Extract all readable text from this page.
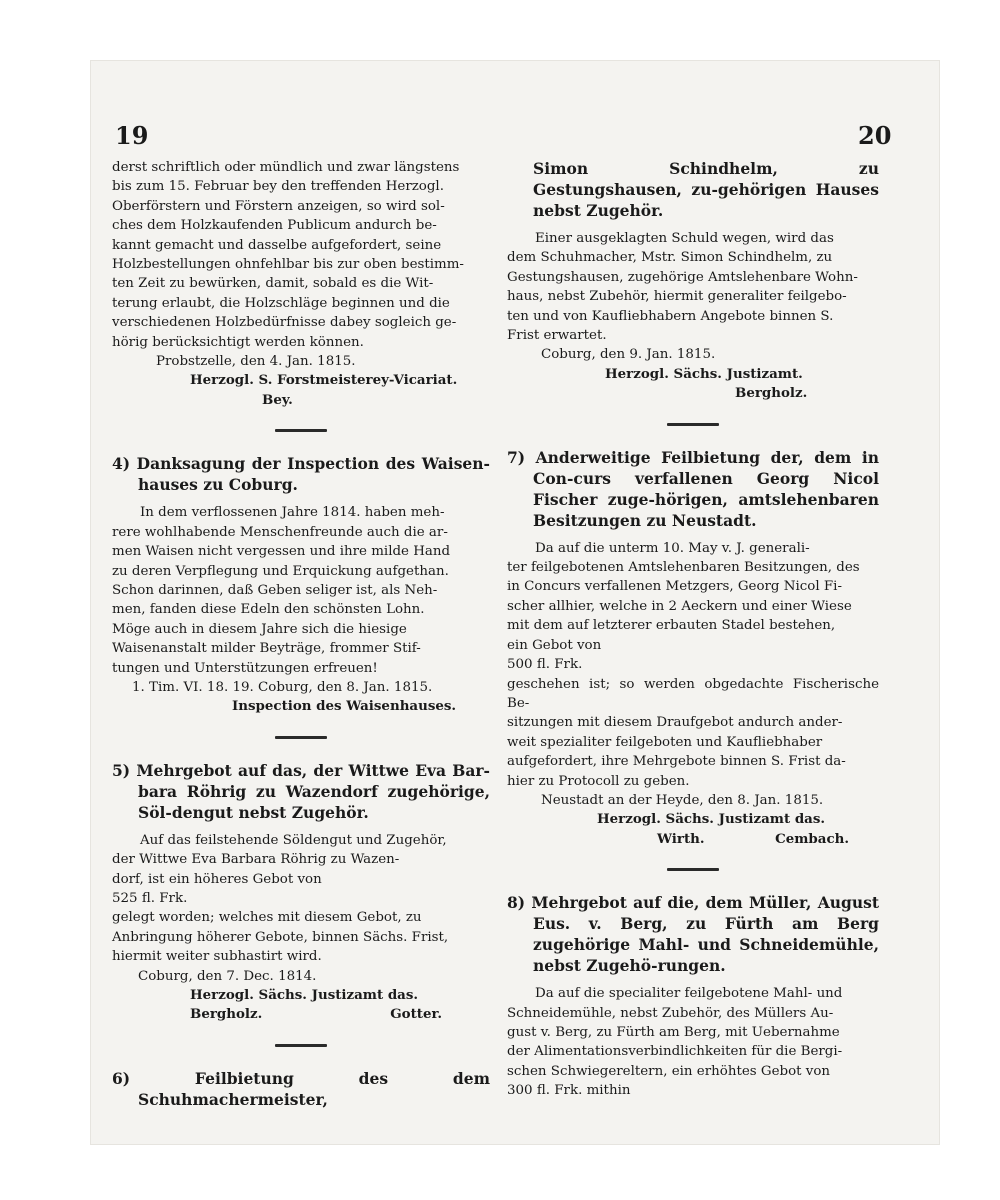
19	20

derst schriftlich oder mündlich und zwar längstens

bis zum 15. Februar bey den treffenden Herzogl.

Oberförstern und Förstern anzeigen, so wird sol-

ches dem Holzkaufenden Publicum andurch be-

kannt gemacht und dasselbe aufgefordert, seine

Holzbestellungen ohnfehlbar bis zur oben bestimm-

ten Zeit zu bewürken, damit, sobald es die Wit-

terung erlaubt, die Holzschläge beginnen und die

verschiedenen Holzbedürfnisse dabey sogleich ge-

hörig berücksichtigt werden können.

Probstzelle, den 4. Jan. 1815.

Herzogl. S. Forstmeisterey-Vicariat.

Bey.

4) Danksagung der Inspection des Waisen-hauses zu Coburg.

In dem verflossenen Jahre 1814. haben meh-

rere wohlhabende Menschenfreunde auch die ar-

men Waisen nicht vergessen und ihre milde Hand

zu deren Verpflegung und Erquickung aufgethan.

Schon darinnen, daß Geben seliger ist, als Neh-

men, fanden diese Edeln den schönsten Lohn.

Möge auch in diesem Jahre sich die hiesige

Waisenanstalt milder Beyträge, frommer Stif-

tungen und Unterstützungen erfreuen!

1. Tim. VI. 18. 19. Coburg, den 8. Jan. 1815.

Inspection des Waisenhauses.

5) Mehrgebot auf das, der Wittwe Eva Bar-bara Röhrig zu Wazendorf zugehörige, Söl-dengut nebst Zugehör.

Auf das feilstehende Söldengut und Zugehör,

der Wittwe Eva Barbara Röhrig zu Wazen-

dorf, ist ein höheres Gebot von

525 fl. Frk.

gelegt worden; welches mit diesem Gebot, zu

Anbringung höherer Gebote, binnen Sächs. Frist,

hiermit weiter subhastirt wird.

Coburg, den 7. Dec. 1814.

Herzogl. Sächs. Justizamt das.

Bergholz.	Gotter.

6) Feilbietung des dem Schuhmachermeister,

Simon Schindhelm, zu Gestungshausen, zu-gehörigen Hauses nebst Zugehör.

Einer ausgeklagten Schuld wegen, wird das

dem Schuhmacher, Mstr. Simon Schindhelm, zu

Gestungshausen, zugehörige Amtslehenbare Wohn-

haus, nebst Zubehör, hiermit generaliter feilgebo-

ten und von Kaufliebhabern Angebote binnen S.

Frist erwartet.

Coburg, den 9. Jan. 1815.

Herzogl. Sächs. Justizamt.

Bergholz.

7) Anderweitige Feilbietung der, dem in Con-curs verfallenen Georg Nicol Fischer zuge-hörigen, amtslehenbaren Besitzungen zu Neustadt.

Da auf die unterm 10. May v. J. generali-

ter feilgebotenen Amtslehenbaren Besitzungen, des

in Concurs verfallenen Metzgers, Georg Nicol Fi-

scher allhier, welche in 2 Aeckern und einer Wiese

mit dem auf letzterer erbauten Stadel bestehen,

ein Gebot von

500 fl. Frk.

geschehen ist; so werden obgedachte Fischerische Be-

sitzungen mit diesem Draufgebot andurch ander-

weit spezialiter feilgeboten und Kaufliebhaber

aufgefordert, ihre Mehrgebote binnen S. Frist da-

hier zu Protocoll zu geben.

Neustadt an der Heyde, den 8. Jan. 1815.

Herzogl. Sächs. Justizamt das.

Wirth.	Cembach.

8) Mehrgebot auf die, dem Müller, August Eus. v. Berg, zu Fürth am Berg zugehörige Mahl- und Schneidemühle, nebst Zugehö-rungen.

Da auf die specialiter feilgebotene Mahl- und

Schneidemühle, nebst Zubehör, des Müllers Au-

gust v. Berg, zu Fürth am Berg, mit Uebernahme

der Alimentationsverbindlichkeiten für die Bergi-

schen Schwiegereltern, ein erhöhtes Gebot von

300 fl. Frk. mithin
